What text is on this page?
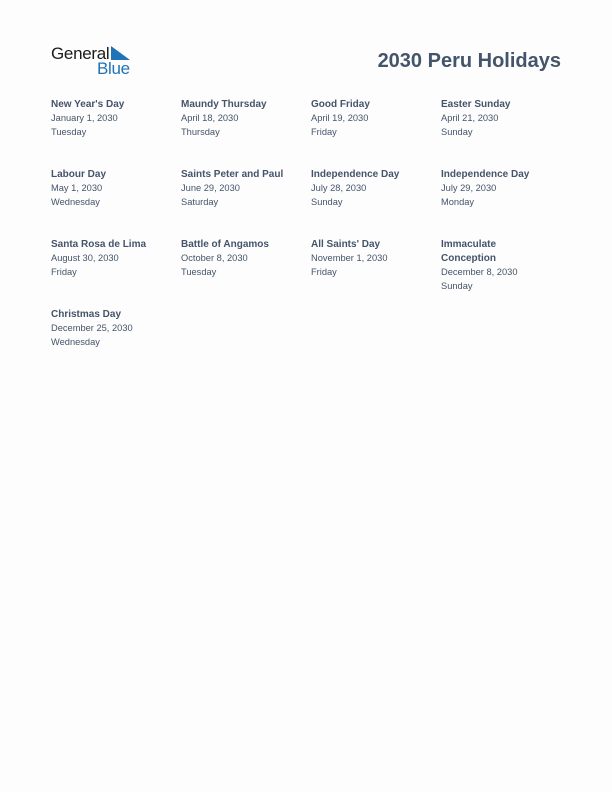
General
Blue	2030 Peru Holidays
New Year's Day
January 1, 2030
Tuesday
Maundy Thursday
April 18, 2030
Thursday
Good Friday
April 19, 2030
Friday
Easter Sunday
April 21, 2030
Sunday
Labour Day
May 1, 2030
Wednesday
Saints Peter and Paul
June 29, 2030
Saturday
Independence Day
July 28, 2030
Sunday
Independence Day
July 29, 2030
Monday
Santa Rosa de Lima
August 30, 2030
Friday
Battle of Angamos
October 8, 2030
Tuesday
All Saints' Day
November 1, 2030
Friday
Immaculate Conception
December 8, 2030
Sunday
Christmas Day
December 25, 2030
Wednesday
